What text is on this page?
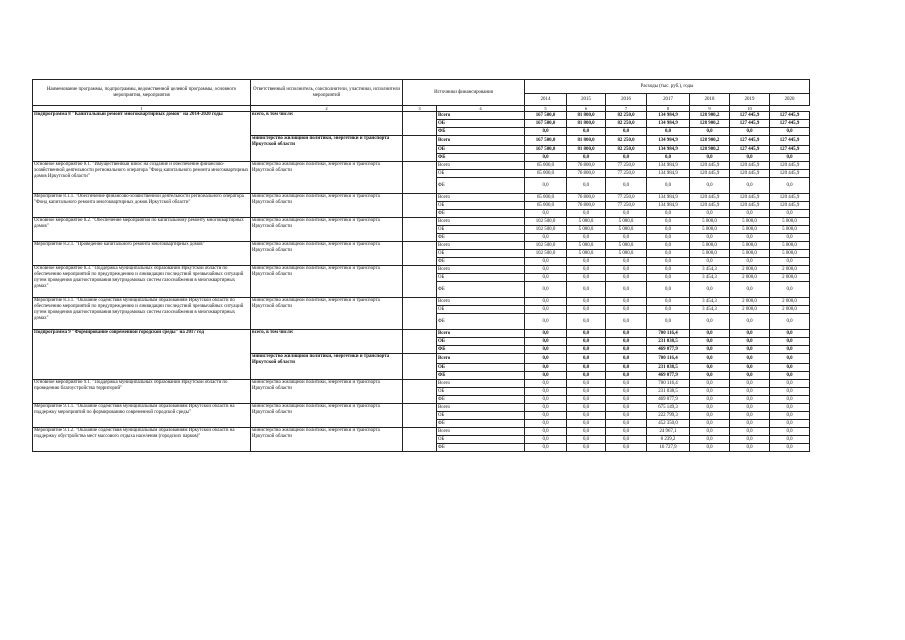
Наименование программы, подпрограммы, ведомственной целевой программы, основного мероприятия, мероприятия	Ответственный исполнитель, соисполнители, участники, исполнители мероприятий	Источники финансирования		Расходы (тыс. руб.), годы						
				2014	2015	2016	2017	2018	2019	2020
1	2	3	4	5	6	7	8	9	10	
Подпрограмма 8 "Капитальный ремонт многоквартирных домов" на 2014-2020 годы	всего, в том числе:		Всего	167 500,0	81 800,0	82 250,0	134 984,9	128 900,2	127 445,9	127 445,9
			ОБ	167 500,0	81 800,0	82 250,0	134 984,9	128 900,2	127 445,9	127 445,9
			ФБ	0,0	0,0	0,0	0,0	0,0	0,0	0,0
	министерство жилищной политики, энергетики и транспорта Иркутской области		Всего	167 500,0	81 800,0	82 250,0	134 984,9	128 900,2	127 445,9	127 445,9
			ОБ	167 500,0	81 800,0	82 250,0	134 984,9	128 900,2	127 445,9	127 445,9
			ФБ	0,0	0,0	0,0	0,0	0,0	0,0	0,0
Основное мероприятие 8.1. "Имущественный взнос на создание и обеспечение финансово-хозяйственной деятельности регионального оператора "Фонд капитального ремонта многоквартирных домов Иркутской области"	министерство жилищной политики, энергетики и транспорта Иркутской области		Всего	65 000,0	76 800,0	77 250,0	134 984,9	120 445,9	120 445,9	120 445,9
			ОБ	65 000,0	76 800,0	77 250,0	134 984,9	120 445,9	120 445,9	120 445,9
			ФБ	0,0	0,0	0,0	0,0	0,0	0,0	0,0
Мероприятие 8.1.1. "Обеспечение финансово-хозяйственной деятельности регионального оператора "Фонд капитального ремонта многоквартирных домов Иркутской области"	министерство жилищной политики, энергетики и транспорта Иркутской области		Всего	65 000,0	76 800,0	77 250,0	134 984,9	120 445,9	120 445,9	120 445,9
			ОБ	65 000,0	76 800,0	77 250,0	134 984,9	120 445,9	120 445,9	120 445,9
			ФБ	0,0	0,0	0,0	0,0	0,0	0,0	0,0
Основное мероприятие 8.2. "Обеспечение мероприятий по капитальному ремонту многоквартирных домов"	министерство жилищной политики, энергетики и транспорта Иркутской области		Всего	102 500,0	5 000,0	5 000,0	0,0	5 000,0	5 000,0	5 000,0
			ОБ	102 500,0	5 000,0	5 000,0	0,0	5 000,0	5 000,0	5 000,0
			ФБ	0,0	0,0	0,0	0,0	0,0	0,0	0,0
Мероприятие 8.2.1. "Проведение капитального ремонта многоквартирных домов"	министерство жилищной политики, энергетики и транспорта Иркутской области		Всего	102 500,0	5 000,0	5 000,0	0,0	5 000,0	5 000,0	5 000,0
			ОБ	102 500,0	5 000,0	5 000,0	0,0	5 000,0	5 000,0	5 000,0
			ФБ	0,0	0,0	0,0	0,0	0,0	0,0	0,0
Основное мероприятие 8.3. "Поддержка муниципальных образований Иркутской области по обеспечению мероприятий по предупреждению и ликвидации последствий чрезвычайных ситуаций путем проведения диагностирования внутридомовых систем газоснабжения в многоквартирных домах"	министерство жилищной политики, энергетики и транспорта Иркутской области		Всего	0,0	0,0	0,0	0,0	3 454,3	2 000,0	2 000,0
			ОБ	0,0	0,0	0,0	0,0	3 454,3	2 000,0	2 000,0
			ФБ	0,0	0,0	0,0	0,0	0,0	0,0	0,0
Мероприятие 8.3.1. "Оказание содействия муниципальным образованиям Иркутской области по обеспечению мероприятий по предупреждению и ликвидации последствий чрезвычайных ситуаций путем проведения диагностирования внутридомовых систем газоснабжения в многоквартирных домах"	министерство жилищной политики, энергетики и транспорта Иркутской области		Всего	0,0	0,0	0,0	0,0	3 454,3	2 000,0	2 000,0
			ОБ	0,0	0,0	0,0	0,0	3 454,3	2 000,0	2 000,0
			ФБ	0,0	0,0	0,0	0,0	0,0	0,0	0,0
Подпрограмма 9 "Формирование современной городской среды" на 2017 год	всего, в том числе:		Всего	0,0	0,0	0,0	700 116,4	0,0	0,0	0,0
			ОБ	0,0	0,0	0,0	231 038,5	0,0	0,0	0,0
			ФБ	0,0	0,0	0,0	469 077,9	0,0	0,0	0,0
	министерство жилищной политики, энергетики и транспорта Иркутской области		Всего	0,0	0,0	0,0	700 116,4	0,0	0,0	0,0
			ОБ	0,0	0,0	0,0	231 038,5	0,0	0,0	0,0
			ФБ	0,0	0,0	0,0	469 077,9	0,0	0,0	0,0
Основное мероприятие 9.1. "Поддержка муниципальных образований Иркутской области по проведению благоустройства территорий"	министерство жилищной политики, энергетики и транспорта Иркутской области		Всего	0,0	0,0	0,0	700 116,4	0,0	0,0	0,0
			ОБ	0,0	0,0	0,0	231 038,5	0,0	0,0	0,0
			ФБ	0,0	0,0	0,0	469 077,9	0,0	0,0	0,0
Мероприятие 9.1.1. "Оказание содействия муниципальным образованиям Иркутской области на поддержку мероприятий по формированию современной городской среды"	министерство жилищной политики, энергетики и транспорта Иркутской области		Всего	0,0	0,0	0,0	675 149,3	0,0	0,0	0,0
			ОБ	0,0	0,0	0,0	222 799,3	0,0	0,0	0,0
			ФБ	0,0	0,0	0,0	452 350,0	0,0	0,0	0,0
Мероприятие 9.1.2. "Оказание содействия муниципальным образованиям Иркутской области на поддержку обустройства мест массового отдыха населения (городских парков)"	министерство жилищной политики, энергетики и транспорта Иркутской области		Всего	0,0	0,0	0,0	24 967,1	0,0	0,0	0,0
			ОБ	0,0	0,0	0,0	8 239,2	0,0	0,0	0,0
			ФБ	0,0	0,0	0,0	16 727,9	0,0	0,0	0,0
